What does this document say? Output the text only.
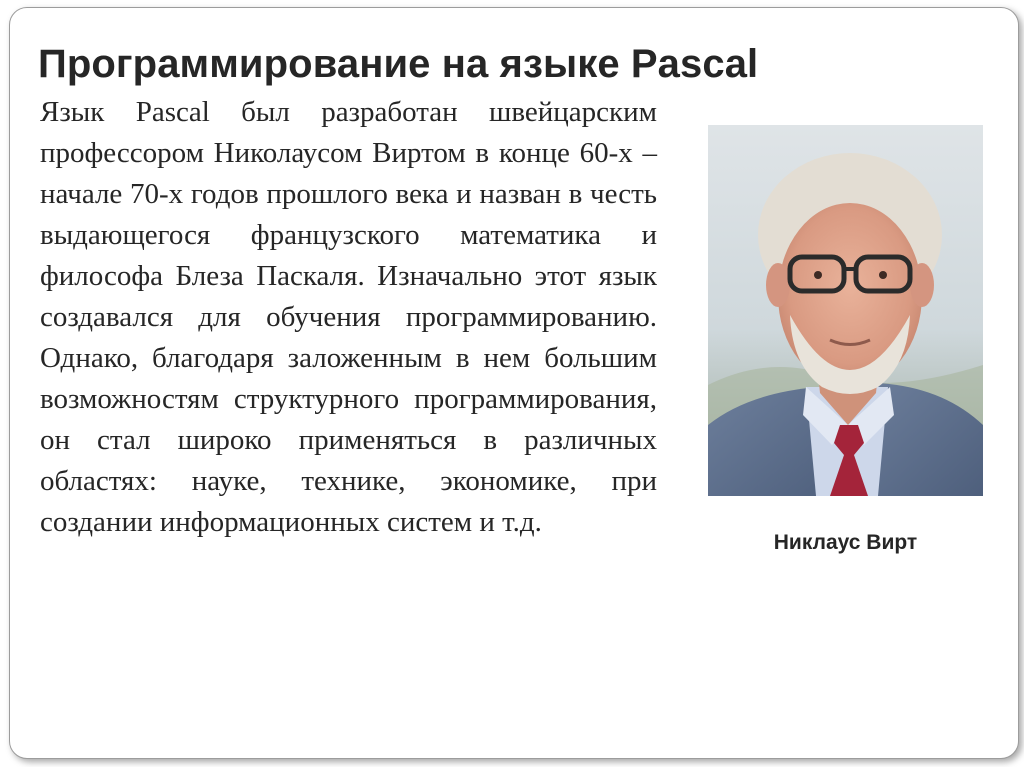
Программирование на языке Pascal

Язык Pascal был разработан швейцарским профессором Николаусом Виртом в конце 60-х – начале 70-х годов прошлого века и назван в честь выдающегося французского математика и философа Блеза Паскаля. Изначально этот язык создавался для обучения программированию. Однако, благодаря заложенным в нем большим возможностям структурного программирования, он стал широко применяться в различных областях: науке, технике, экономике, при создании информационных систем и т.д.

Никлаус Вирт
